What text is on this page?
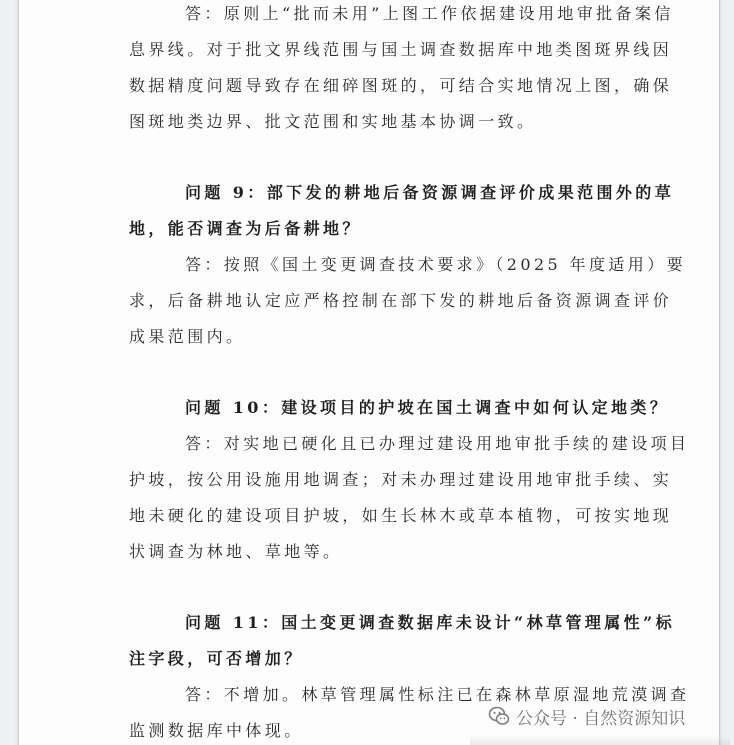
答：原则上“批而未用”上图工作依据建设用地审批备案信
息界线。对于批文界线范围与国土调查数据库中地类图斑界线因
数据精度问题导致存在细碎图斑的，可结合实地情况上图，确保
图斑地类边界、批文范围和实地基本协调一致。
问题 9：部下发的耕地后备资源调查评价成果范围外的草
地，能否调查为后备耕地？
答：按照《国土变更调查技术要求》（2025 年度适用）要
求，后备耕地认定应严格控制在部下发的耕地后备资源调查评价
成果范围内。
问题 10：建设项目的护坡在国土调查中如何认定地类？
答：对实地已硬化且已办理过建设用地审批手续的建设项目
护坡，按公用设施用地调查；对未办理过建设用地审批手续、实
地未硬化的建设项目护坡，如生长林木或草本植物，可按实地现
状调查为林地、草地等。
问题 11：国土变更调查数据库未设计“林草管理属性”标
注字段，可否增加？
答：不增加。林草管理属性标注已在森林草原湿地荒漠调查
监测数据库中体现。
公众号 · 自然资源知识
